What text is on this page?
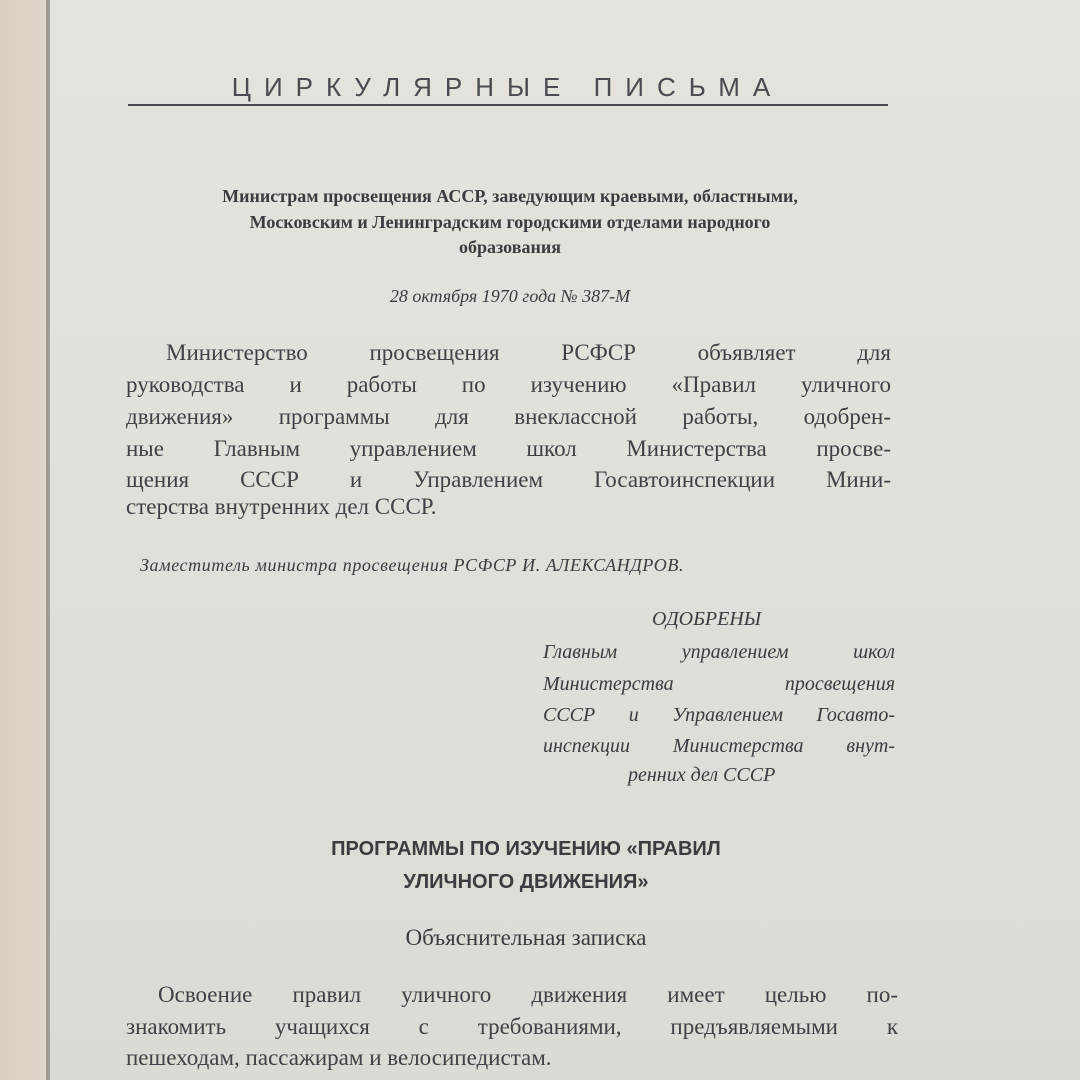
ЦИРКУЛЯРНЫЕ ПИСЬМА
Министрам просвещения АССР, заведующим краевыми, областными,
Московским и Ленинградским городскими отделами народного
образования
28 октября 1970 года № 387-М
Министерство просвещения РСФСР объявляет для
руководства и работы по изучению «Правил уличного
движения» программы для внеклассной работы, одобрен-
ные Главным управлением школ Министерства просве-
щения СССР и Управлением Госавтоинспекции Мини-
стерства внутренних дел СССР.
Заместитель министра просвещения РСФСР И. АЛЕКСАНДРОВ.
ОДОБРЕНЫ
Главным управлением школ
Министерства просвещения
СССР и Управлением Госавто-
инспекции Министерства внут-
ренних дел СССР
ПРОГРАММЫ ПО ИЗУЧЕНИЮ «ПРАВИЛ
УЛИЧНОГО ДВИЖЕНИЯ»
Объяснительная записка
Освоение правил уличного движения имеет целью по-
знакомить учащихся с требованиями, предъявляемыми к
пешеходам, пассажирам и велосипедистам.
